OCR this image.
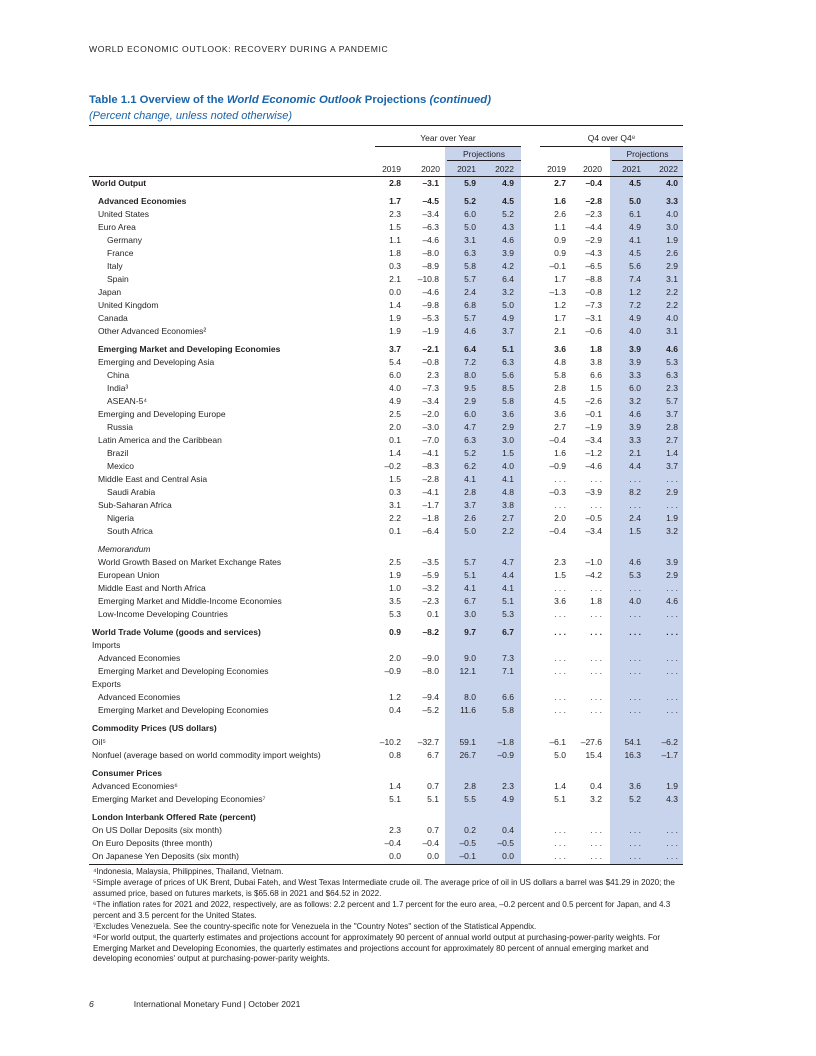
WORLD ECONOMIC OUTLOOK: RECOVERY DURING A PANDEMIC
Table 1.1 Overview of the World Economic Outlook Projections (continued)
(Percent change, unless noted otherwise)
Year over Year	Q4 over Q4⁸
Projections	Projections
2019	2020	2021	2022	2019	2020	2021	2022
World Output	2.8	–3.1	5.9	4.9	2.7	–0.4	4.5	4.0
Advanced Economies	1.7	–4.5	5.2	4.5	1.6	–2.8	5.0	3.3
United States	2.3	–3.4	6.0	5.2	2.6	–2.3	6.1	4.0
Euro Area	1.5	–6.3	5.0	4.3	1.1	–4.4	4.9	3.0
Germany	1.1	–4.6	3.1	4.6	0.9	–2.9	4.1	1.9
France	1.8	–8.0	6.3	3.9	0.9	–4.3	4.5	2.6
Italy	0.3	–8.9	5.8	4.2	–0.1	–6.5	5.6	2.9
Spain	2.1	–10.8	5.7	6.4	1.7	–8.8	7.4	3.1
Japan	0.0	–4.6	2.4	3.2	–1.3	–0.8	1.2	2.2
United Kingdom	1.4	–9.8	6.8	5.0	1.2	–7.3	7.2	2.2
Canada	1.9	–5.3	5.7	4.9	1.7	–3.1	4.9	4.0
Other Advanced Economies²	1.9	–1.9	4.6	3.7	2.1	–0.6	4.0	3.1
Emerging Market and Developing Economies	3.7	–2.1	6.4	5.1	3.6	1.8	3.9	4.6
Emerging and Developing Asia	5.4	–0.8	7.2	6.3	4.8	3.8	3.9	5.3
China	6.0	2.3	8.0	5.6	5.8	6.6	3.3	6.3
India³	4.0	–7.3	9.5	8.5	2.8	1.5	6.0	2.3
ASEAN-5⁴	4.9	–3.4	2.9	5.8	4.5	–2.6	3.2	5.7
Emerging and Developing Europe	2.5	–2.0	6.0	3.6	3.6	–0.1	4.6	3.7
Russia	2.0	–3.0	4.7	2.9	2.7	–1.9	3.9	2.8
Latin America and the Caribbean	0.1	–7.0	6.3	3.0	–0.4	–3.4	3.3	2.7
Brazil	1.4	–4.1	5.2	1.5	1.6	–1.2	2.1	1.4
Mexico	–0.2	–8.3	6.2	4.0	–0.9	–4.6	4.4	3.7
Middle East and Central Asia	1.5	–2.8	4.1	4.1	. . .	. . .	. . .	. . .
Saudi Arabia	0.3	–4.1	2.8	4.8	–0.3	–3.9	8.2	2.9
Sub-Saharan Africa	3.1	–1.7	3.7	3.8	. . .	. . .	. . .	. . .
Nigeria	2.2	–1.8	2.6	2.7	2.0	–0.5	2.4	1.9
South Africa	0.1	–6.4	5.0	2.2	–0.4	–3.4	1.5	3.2
Memorandum
World Growth Based on Market Exchange Rates	2.5	–3.5	5.7	4.7	2.3	–1.0	4.6	3.9
European Union	1.9	–5.9	5.1	4.4	1.5	–4.2	5.3	2.9
Middle East and North Africa	1.0	–3.2	4.1	4.1	. . .	. . .	. . .	. . .
Emerging Market and Middle-Income Economies	3.5	–2.3	6.7	5.1	3.6	1.8	4.0	4.6
Low-Income Developing Countries	5.3	0.1	3.0	5.3	. . .	. . .	. . .	. . .
World Trade Volume (goods and services)	0.9	–8.2	9.7	6.7	. . .	. . .	. . .	. . .
Imports
Advanced Economies	2.0	–9.0	9.0	7.3	. . .	. . .	. . .	. . .
Emerging Market and Developing Economies	–0.9	–8.0	12.1	7.1	. . .	. . .	. . .	. . .
Exports
Advanced Economies	1.2	–9.4	8.0	6.6	. . .	. . .	. . .	. . .
Emerging Market and Developing Economies	0.4	–5.2	11.6	5.8	. . .	. . .	. . .	. . .
Commodity Prices (US dollars)
Oil⁵	–10.2	–32.7	59.1	–1.8	–6.1	–27.6	54.1	–6.2
Nonfuel (average based on world commodity import weights)	0.8	6.7	26.7	–0.9	5.0	15.4	16.3	–1.7
Consumer Prices
Advanced Economies⁶	1.4	0.7	2.8	2.3	1.4	0.4	3.6	1.9
Emerging Market and Developing Economies⁷	5.1	5.1	5.5	4.9	5.1	3.2	5.2	4.3
London Interbank Offered Rate (percent)
On US Dollar Deposits (six month)	2.3	0.7	0.2	0.4	. . .	. . .	. . .	. . .
On Euro Deposits (three month)	–0.4	–0.4	–0.5	–0.5	. . .	. . .	. . .	. . .
On Japanese Yen Deposits (six month)	0.0	0.0	–0.1	0.0	. . .	. . .	. . .	. . .

⁴Indonesia, Malaysia, Philippines, Thailand, Vietnam.

⁵Simple average of prices of UK Brent, Dubai Fateh, and West Texas Intermediate crude oil. The average price of oil in US dollars a barrel was $41.29 in 2020; the assumed price, based on futures markets, is $65.68 in 2021 and $64.52 in 2022.

⁶The inflation rates for 2021 and 2022, respectively, are as follows: 2.2 percent and 1.7 percent for the euro area, –0.2 percent and 0.5 percent for Japan, and 4.3 percent and 3.5 percent for the United States.

⁷Excludes Venezuela. See the country-specific note for Venezuela in the "Country Notes" section of the Statistical Appendix.

⁸For world output, the quarterly estimates and projections account for approximately 90 percent of annual world output at purchasing-power-parity weights. For Emerging Market and Developing Economies, the quarterly estimates and projections account for approximately 80 percent of annual emerging market and developing economies' output at purchasing-power-parity weights.

6	International Monetary Fund | October 2021
